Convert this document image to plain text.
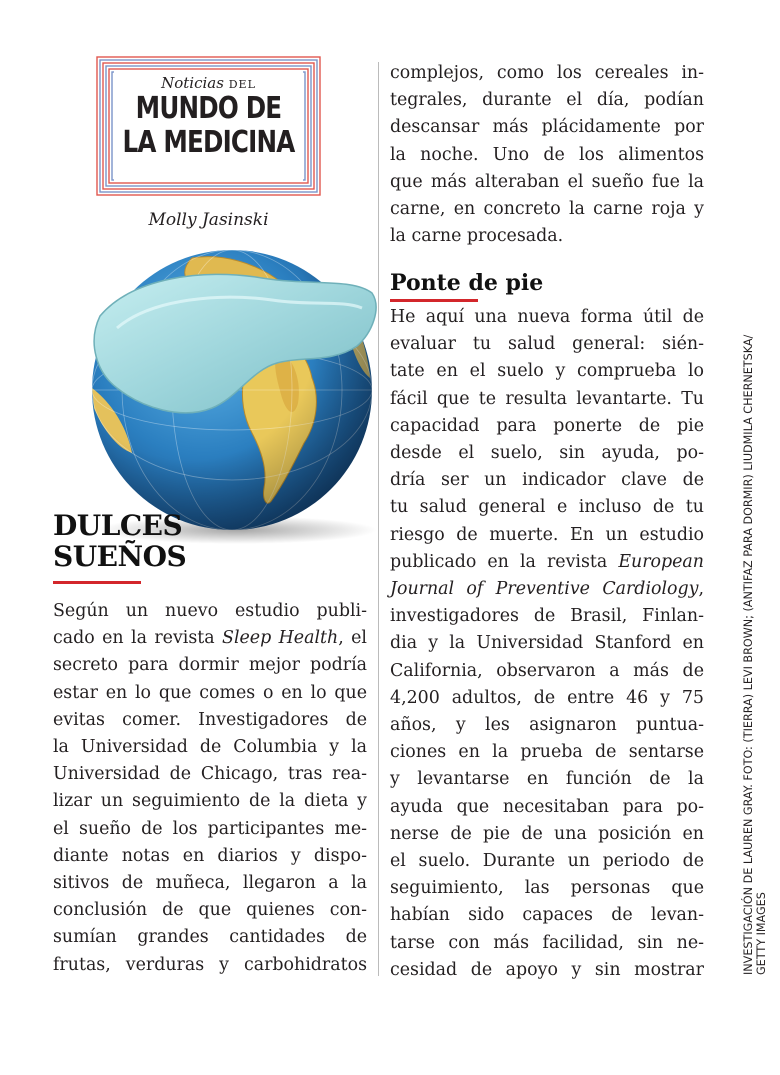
Noticias DEL
MUNDO DE
LA MEDICINA
Molly Jasinski
DULCES
SUEÑOS
Según un nuevo estudio publi-
cado en la revista Sleep Health, el
secreto para dormir mejor podría
estar en lo que comes o en lo que
evitas comer. Investigadores de
la Universidad de Columbia y la
Universidad de Chicago, tras rea-
lizar un seguimiento de la dieta y
el sueño de los participantes me-
diante notas en diarios y dispo-
sitivos de muñeca, llegaron a la
conclusión de que quienes con-
sumían grandes cantidades de
frutas, verduras y carbohidratos
complejos, como los cereales in-
tegrales, durante el día, podían
descansar más plácidamente por
la noche. Uno de los alimentos
que más alteraban el sueño fue la
carne, en concreto la carne roja y
la carne procesada.
Ponte de pie
He aquí una nueva forma útil de
evaluar tu salud general: sién-
tate en el suelo y comprueba lo
fácil que te resulta levantarte. Tu
capacidad para ponerte de pie
desde el suelo, sin ayuda, po-
dría ser un indicador clave de
tu salud general e incluso de tu
riesgo de muerte. En un estudio
publicado en la revista European
Journal of Preventive Cardiology,
investigadores de Brasil, Finlan-
dia y la Universidad Stanford en
California, observaron a más de
4,200 adultos, de entre 46 y 75
años, y les asignaron puntua-
ciones en la prueba de sentarse
y levantarse en función de la
ayuda que necesitaban para po-
nerse de pie de una posición en
el suelo. Durante un periodo de
seguimiento, las personas que
habían sido capaces de levan-
tarse con más facilidad, sin ne-
cesidad de apoyo y sin mostrar	INVESTIGACIÓN DE LAUREN GRAY. FOTO: (TIERRA) LEVI BROWN; (ANTIFAZ PARA DORMIR) LIUDMILA CHERNETSKA/ GETTY IMAGES
